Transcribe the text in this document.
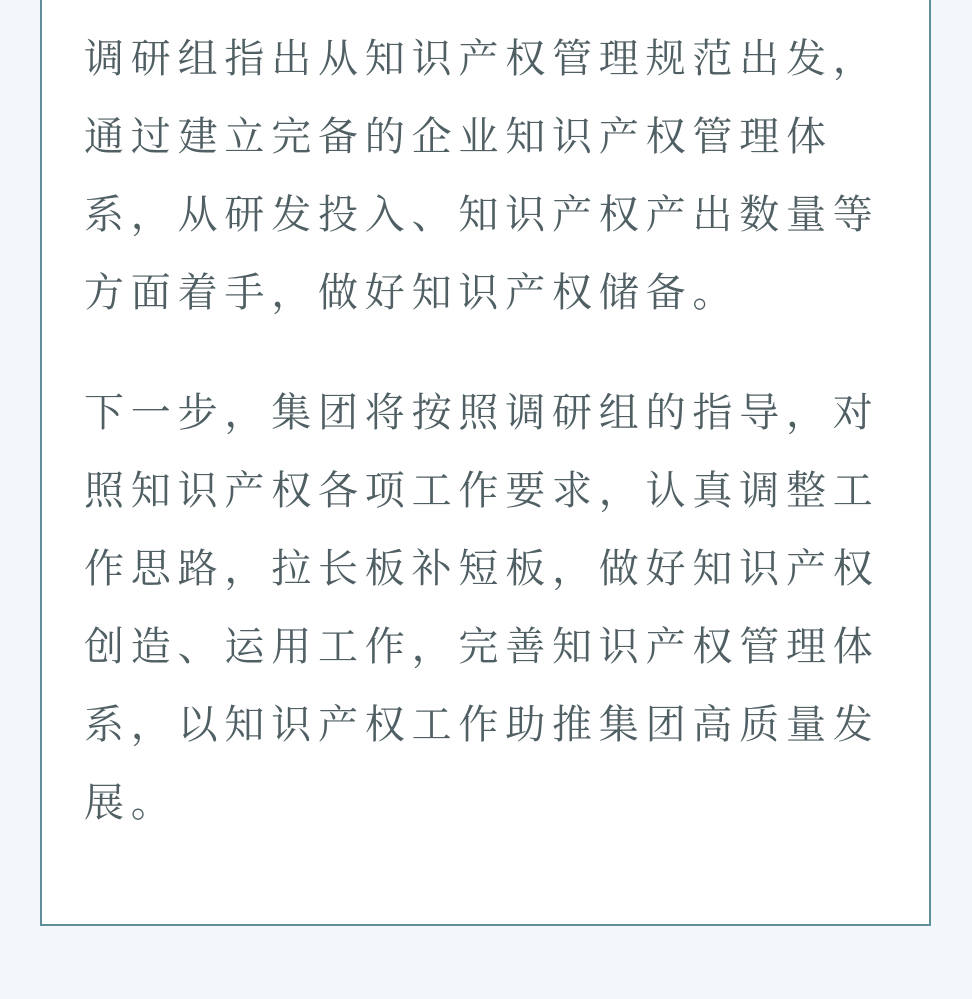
调研组指出从知识产权管理规范出发，通过建立完备的企业知识产权管理体系，从研发投入、知识产权产出数量等方面着手，做好知识产权储备。

下一步，集团将按照调研组的指导，对照知识产权各项工作要求，认真调整工作思路，拉长板补短板，做好知识产权创造、运用工作，完善知识产权管理体系，以知识产权工作助推集团高质量发展。
